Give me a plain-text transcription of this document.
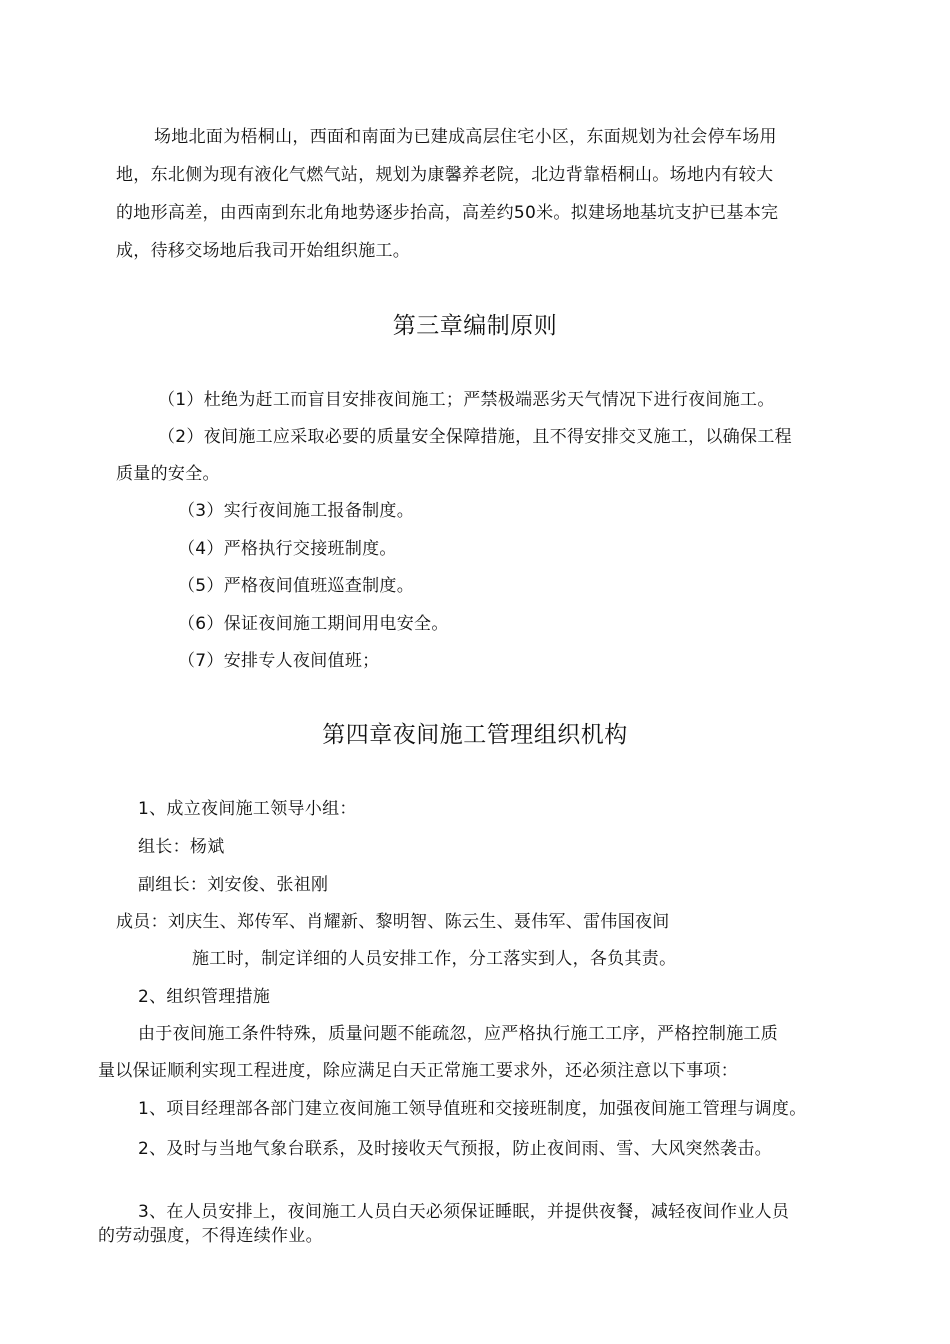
场地北面为梧桐山，西面和南面为已建成高层住宅小区，东面规划为社会停车场用
地，东北侧为现有液化气燃气站，规划为康馨养老院，北边背靠梧桐山。场地内有较大
的地形高差，由西南到东北角地势逐步抬高，高差约50米。拟建场地基坑支护已基本完
成，待移交场地后我司开始组织施工。
第三章编制原则
（1）杜绝为赶工而盲目安排夜间施工；严禁极端恶劣天气情况下进行夜间施工。
（2）夜间施工应采取必要的质量安全保障措施，且不得安排交叉施工，以确保工程
质量的安全。
（3）实行夜间施工报备制度。
（4）严格执行交接班制度。
（5）严格夜间值班巡查制度。
（6）保证夜间施工期间用电安全。
（7）安排专人夜间值班；
第四章夜间施工管理组织机构
1、成立夜间施工领导小组：
组长：杨斌
副组长：刘安俊、张祖刚
成员：刘庆生、郑传军、肖耀新、黎明智、陈云生、聂伟军、雷伟国夜间
施工时，制定详细的人员安排工作，分工落实到人，各负其责。
2、组织管理措施
由于夜间施工条件特殊，质量问题不能疏忽，应严格执行施工工序，严格控制施工质
量以保证顺利实现工程进度，除应满足白天正常施工要求外，还必须注意以下事项：
1、项目经理部各部门建立夜间施工领导值班和交接班制度，加强夜间施工管理与调度。
2、及时与当地气象台联系，及时接收天气预报，防止夜间雨、雪、大风突然袭击。
3、在人员安排上，夜间施工人员白天必须保证睡眠，并提供夜餐，减轻夜间作业人员
的劳动强度，不得连续作业。
